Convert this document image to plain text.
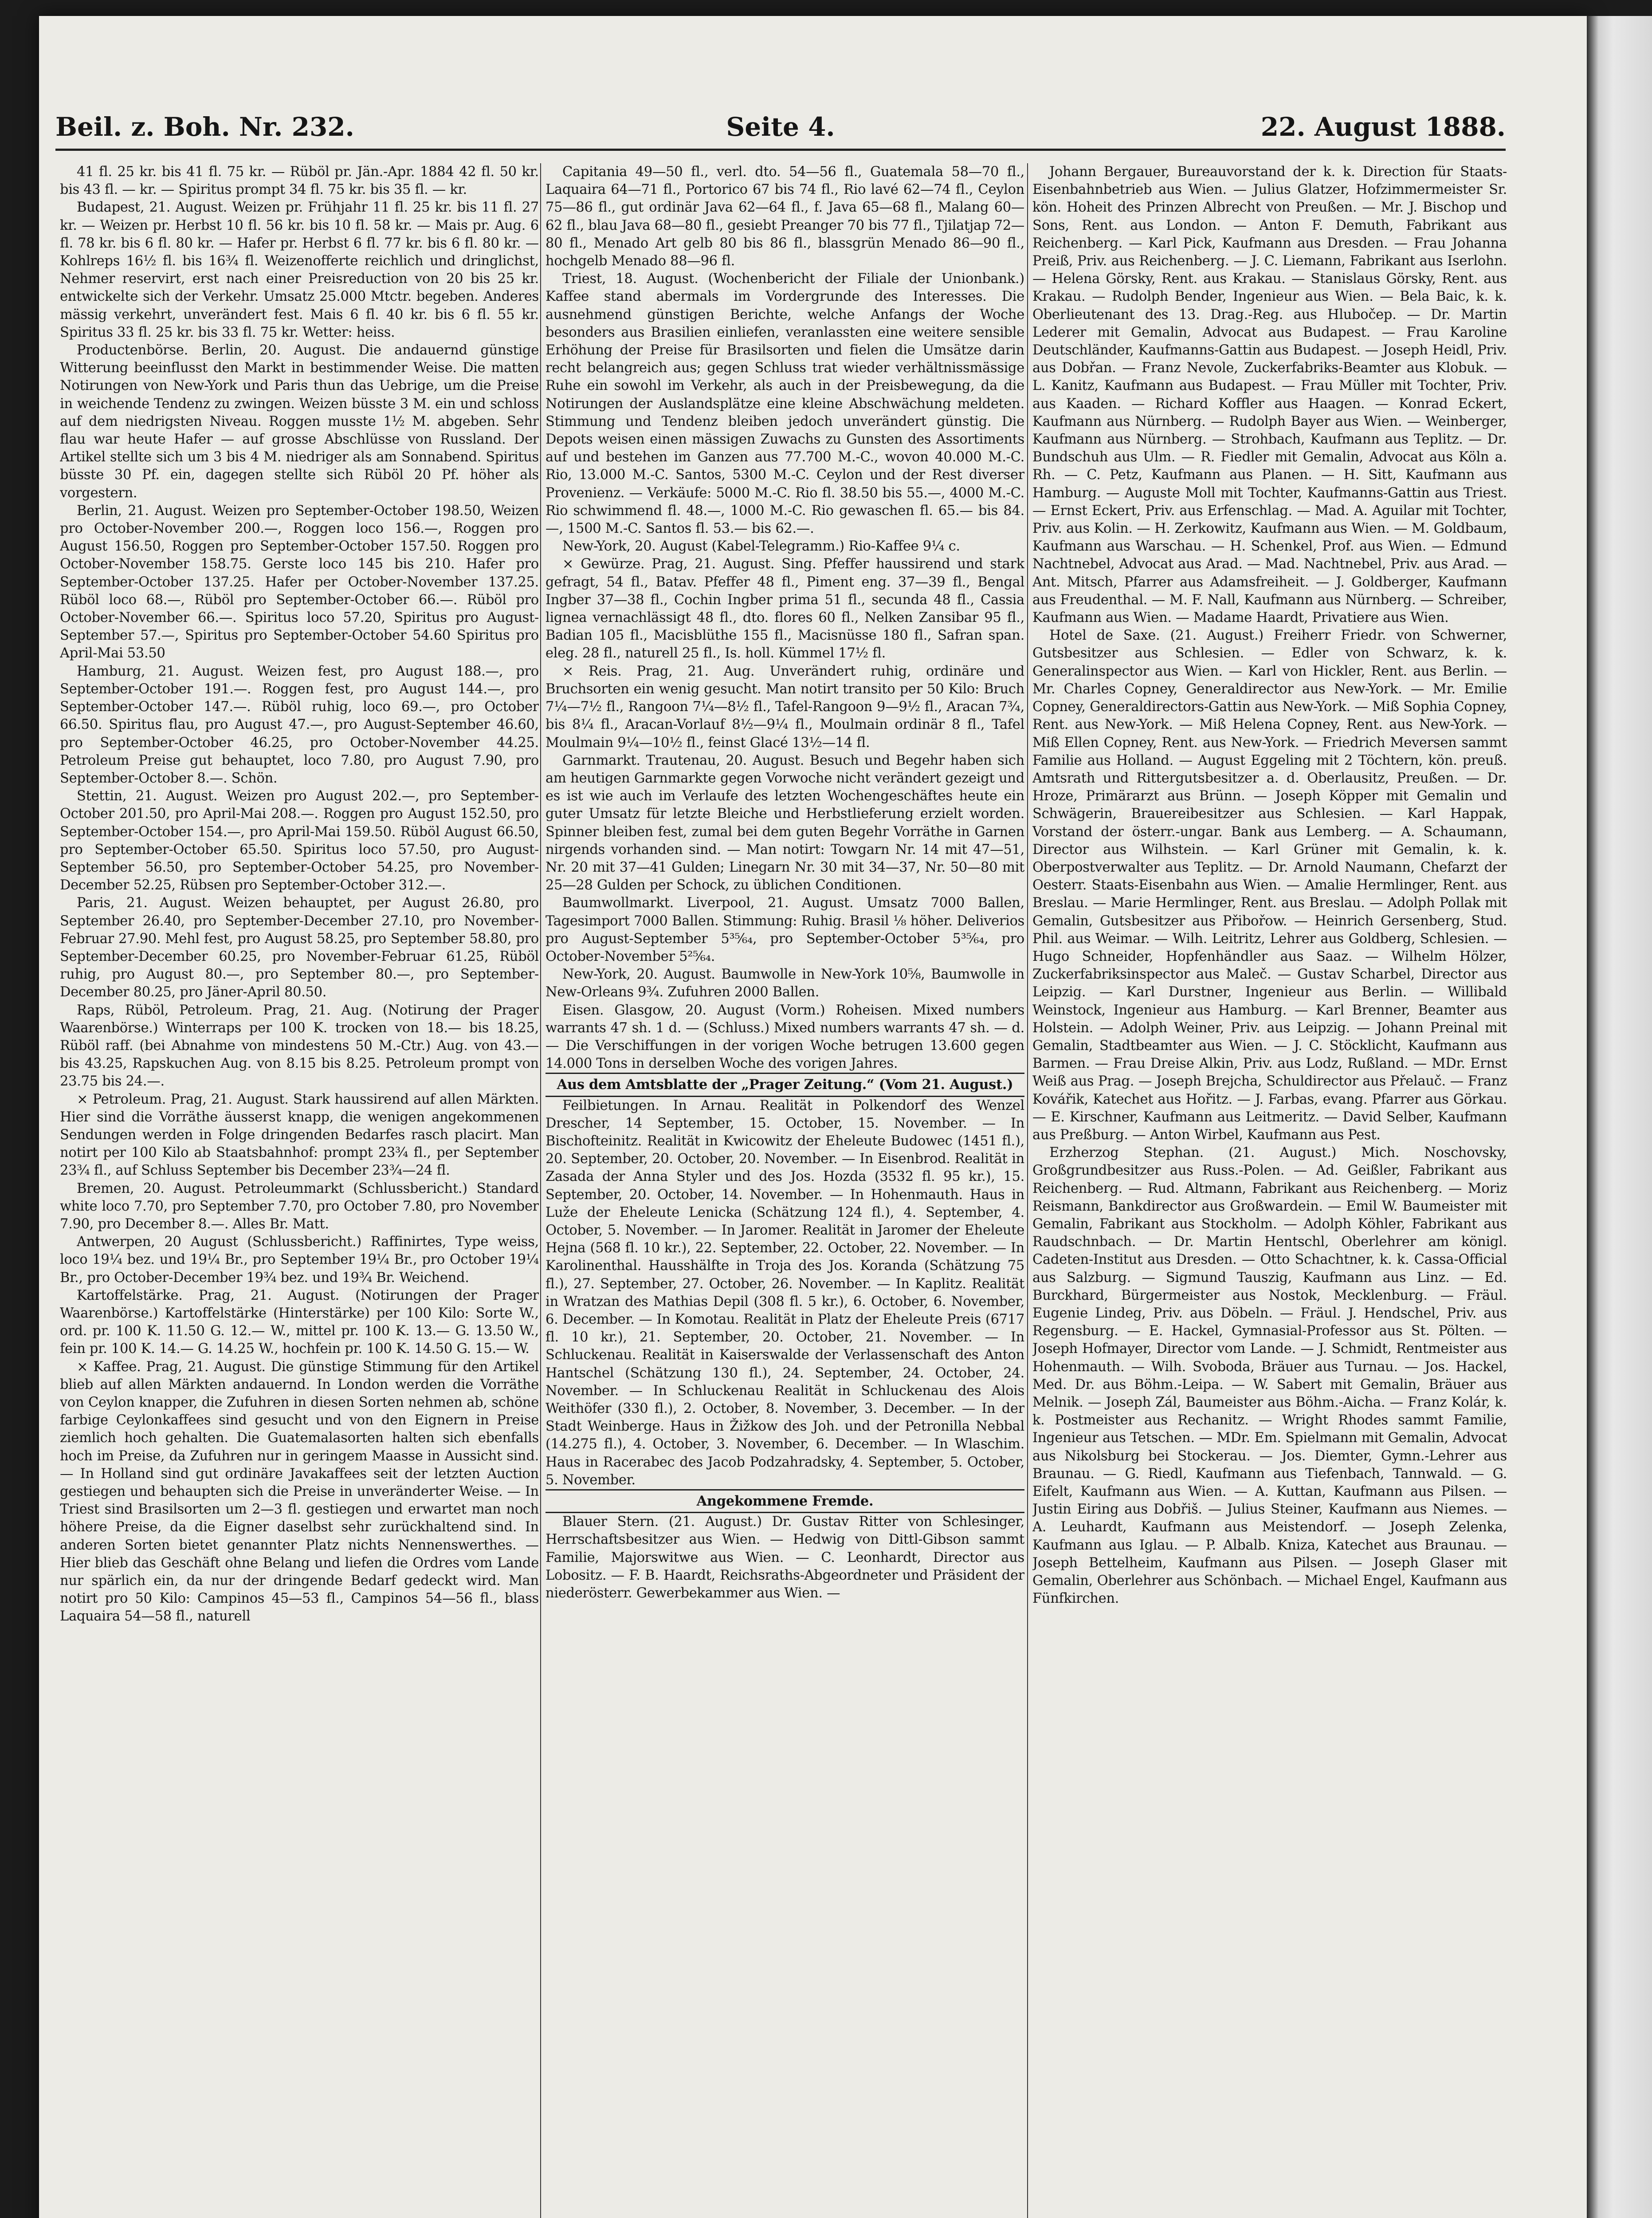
Beil. z. Boh. Nr. 232.	Seite 4.	22. August 1888.

41 fl. 25 kr. bis 41 fl. 75 kr. — Rüböl pr. Jän.-Apr. 1884 42 fl. 50 kr. bis 43 fl. — kr. — Spiritus prompt 34 fl. 75 kr. bis 35 fl. — kr.

Budapest, 21. August. Weizen pr. Frühjahr 11 fl. 25 kr. bis 11 fl. 27 kr. — Weizen pr. Herbst 10 fl. 56 kr. bis 10 fl. 58 kr. — Mais pr. Aug. 6 fl. 78 kr. bis 6 fl. 80 kr. — Hafer pr. Herbst 6 fl. 77 kr. bis 6 fl. 80 kr. — Kohlreps 16½ fl. bis 16¾ fl. Weizenofferte reichlich und dringlichst, Nehmer reservirt, erst nach einer Preisreduction von 20 bis 25 kr. entwickelte sich der Verkehr. Umsatz 25.000 Mtctr. begeben. Anderes mässig verkehrt, unverändert fest. Mais 6 fl. 40 kr. bis 6 fl. 55 kr. Spiritus 33 fl. 25 kr. bis 33 fl. 75 kr. Wetter: heiss.

Productenbörse. Berlin, 20. August. Die andauernd günstige Witterung beeinflusst den Markt in bestimmender Weise. Die matten Notirungen von New-York und Paris thun das Uebrige, um die Preise in weichende Tendenz zu zwingen. Weizen büsste 3 M. ein und schloss auf dem niedrigsten Niveau. Roggen musste 1½ M. abgeben. Sehr flau war heute Hafer — auf grosse Abschlüsse von Russland. Der Artikel stellte sich um 3 bis 4 M. niedriger als am Sonnabend. Spiritus büsste 30 Pf. ein, dagegen stellte sich Rüböl 20 Pf. höher als vorgestern.

Berlin, 21. August. Weizen pro September-October 198.50, Weizen pro October-November 200.—, Roggen loco 156.—, Roggen pro August 156.50, Roggen pro September-October 157.50. Roggen pro October-November 158.75. Gerste loco 145 bis 210. Hafer pro September-October 137.25. Hafer per October-November 137.25. Rüböl loco 68.—, Rüböl pro September-October 66.—. Rüböl pro October-November 66.—. Spiritus loco 57.20, Spiritus pro August-September 57.—, Spiritus pro September-October 54.60 Spiritus pro April-Mai 53.50

Hamburg, 21. August. Weizen fest, pro August 188.—, pro September-October 191.—. Roggen fest, pro August 144.—, pro September-October 147.—. Rüböl ruhig, loco 69.—, pro October 66.50. Spiritus flau, pro August 47.—, pro August-September 46.60, pro September-October 46.25, pro October-November 44.25. Petroleum Preise gut behauptet, loco 7.80, pro August 7.90, pro September-October 8.—. Schön.

Stettin, 21. August. Weizen pro August 202.—, pro September-October 201.50, pro April-Mai 208.—. Roggen pro August 152.50, pro September-October 154.—, pro April-Mai 159.50. Rüböl August 66.50, pro September-October 65.50. Spiritus loco 57.50, pro August-September 56.50, pro September-October 54.25, pro November-December 52.25, Rübsen pro September-October 312.—.

Paris, 21. August. Weizen behauptet, per August 26.80, pro September 26.40, pro September-December 27.10, pro November-Februar 27.90. Mehl fest, pro August 58.25, pro September 58.80, pro September-December 60.25, pro November-Februar 61.25, Rüböl ruhig, pro August 80.—, pro September 80.—, pro September-December 80.25, pro Jäner-April 80.50.

Raps, Rüböl, Petroleum. Prag, 21. Aug. (Notirung der Prager Waarenbörse.) Winterraps per 100 K. trocken von 18.— bis 18.25, Rüböl raff. (bei Abnahme von mindestens 50 M.-Ctr.) Aug. von 43.— bis 43.25, Rapskuchen Aug. von 8.15 bis 8.25. Petroleum prompt von 23.75 bis 24.—.

× Petroleum. Prag, 21. August. Stark haussirend auf allen Märkten. Hier sind die Vorräthe äusserst knapp, die wenigen angekommenen Sendungen werden in Folge dringenden Bedarfes rasch placirt. Man notirt per 100 Kilo ab Staatsbahnhof: prompt 23¾ fl., per September 23¾ fl., auf Schluss September bis December 23¾—24 fl.

Bremen, 20. August. Petroleummarkt (Schlussbericht.) Standard white loco 7.70, pro September 7.70, pro October 7.80, pro November 7.90, pro December 8.—. Alles Br. Matt.

Antwerpen, 20 August (Schlussbericht.) Raffinirtes, Type weiss, loco 19¼ bez. und 19¼ Br., pro September 19¼ Br., pro October 19¼ Br., pro October-December 19¾ bez. und 19¾ Br. Weichend.

Kartoffelstärke. Prag, 21. August. (Notirungen der Prager Waarenbörse.) Kartoffelstärke (Hinterstärke) per 100 Kilo: Sorte W., ord. pr. 100 K. 11.50 G. 12.— W., mittel pr. 100 K. 13.— G. 13.50 W., fein pr. 100 K. 14.— G. 14.25 W., hochfein pr. 100 K. 14.50 G. 15.— W.

× Kaffee. Prag, 21. August. Die günstige Stimmung für den Artikel blieb auf allen Märkten andauernd. In London werden die Vorräthe von Ceylon knapper, die Zufuhren in diesen Sorten nehmen ab, schöne farbige Ceylonkaffees sind gesucht und von den Eignern in Preise ziemlich hoch gehalten. Die Guatemalasorten halten sich ebenfalls hoch im Preise, da Zufuhren nur in geringem Maasse in Aussicht sind. — In Holland sind gut ordinäre Javakaffees seit der letzten Auction gestiegen und behaupten sich die Preise in unveränderter Weise. — In Triest sind Brasilsorten um 2—3 fl. gestiegen und erwartet man noch höhere Preise, da die Eigner daselbst sehr zurückhaltend sind. In anderen Sorten bietet genannter Platz nichts Nennenswerthes. — Hier blieb das Geschäft ohne Belang und liefen die Ordres vom Lande nur spärlich ein, da nur der dringende Bedarf gedeckt wird. Man notirt pro 50 Kilo: Campinos 45—53 fl., Campinos 54—56 fl., blass Laquaira 54—58 fl., naturell

Capitania 49—50 fl., verl. dto. 54—56 fl., Guatemala 58—70 fl., Laquaira 64—71 fl., Portorico 67 bis 74 fl., Rio lavé 62—74 fl., Ceylon 75—86 fl., gut ordinär Java 62—64 fl., f. Java 65—68 fl., Malang 60—62 fl., blau Java 68—80 fl., gesiebt Preanger 70 bis 77 fl., Tjilatjap 72—80 fl., Menado Art gelb 80 bis 86 fl., blassgrün Menado 86—90 fl., hochgelb Menado 88—96 fl.

Triest, 18. August. (Wochenbericht der Filiale der Unionbank.) Kaffee stand abermals im Vordergrunde des Interesses. Die ausnehmend günstigen Berichte, welche Anfangs der Woche besonders aus Brasilien einliefen, veranlassten eine weitere sensible Erhöhung der Preise für Brasilsorten und fielen die Umsätze darin recht belangreich aus; gegen Schluss trat wieder verhältnissmässige Ruhe ein sowohl im Verkehr, als auch in der Preisbewegung, da die Notirungen der Auslandsplätze eine kleine Abschwächung meldeten. Stimmung und Tendenz bleiben jedoch unverändert günstig. Die Depots weisen einen mässigen Zuwachs zu Gunsten des Assortiments auf und bestehen im Ganzen aus 77.700 M.-C., wovon 40.000 M.-C. Rio, 13.000 M.-C. Santos, 5300 M.-C. Ceylon und der Rest diverser Provenienz. — Verkäufe: 5000 M.-C. Rio fl. 38.50 bis 55.—, 4000 M.-C. Rio schwimmend fl. 48.—, 1000 M.-C. Rio gewaschen fl. 65.— bis 84.—, 1500 M.-C. Santos fl. 53.— bis 62.—.

New-York, 20. August (Kabel-Telegramm.) Rio-Kaffee 9¼ c.

× Gewürze. Prag, 21. August. Sing. Pfeffer haussirend und stark gefragt, 54 fl., Batav. Pfeffer 48 fl., Piment eng. 37—39 fl., Bengal Ingber 37—38 fl., Cochin Ingber prima 51 fl., secunda 48 fl., Cassia lignea vernachlässigt 48 fl., dto. flores 60 fl., Nelken Zansibar 95 fl., Badian 105 fl., Macisblüthe 155 fl., Macisnüsse 180 fl., Safran span. eleg. 28 fl., naturell 25 fl., Is. holl. Kümmel 17½ fl.

× Reis. Prag, 21. Aug. Unverändert ruhig, ordinäre und Bruchsorten ein wenig gesucht. Man notirt transito per 50 Kilo: Bruch 7¼—7½ fl., Rangoon 7¼—8½ fl., Tafel-Rangoon 9—9½ fl., Aracan 7¾, bis 8¼ fl., Aracan-Vorlauf 8½—9¼ fl., Moulmain ordinär 8 fl., Tafel Moulmain 9¼—10½ fl., feinst Glacé 13½—14 fl.

Garnmarkt. Trautenau, 20. August. Besuch und Begehr haben sich am heutigen Garnmarkte gegen Vorwoche nicht verändert gezeigt und es ist wie auch im Verlaufe des letzten Wochengeschäftes heute ein guter Umsatz für letzte Bleiche und Herbstlieferung erzielt worden. Spinner bleiben fest, zumal bei dem guten Begehr Vorräthe in Garnen nirgends vorhanden sind. — Man notirt: Towgarn Nr. 14 mit 47—51, Nr. 20 mit 37—41 Gulden; Linegarn Nr. 30 mit 34—37, Nr. 50—80 mit 25—28 Gulden per Schock, zu üblichen Conditionen.

Baumwollmarkt. Liverpool, 21. August. Umsatz 7000 Ballen, Tagesimport 7000 Ballen. Stimmung: Ruhig. Brasil ⅛ höher. Deliverios pro August-September 5³⁵⁄₆₄, pro September-October 5³⁵⁄₆₄, pro October-November 5²⁵⁄₆₄.

New-York, 20. August. Baumwolle in New-York 10⅝, Baumwolle in New-Orleans 9¾. Zufuhren 2000 Ballen.

Eisen. Glasgow, 20. August (Vorm.) Roheisen. Mixed numbers warrants 47 sh. 1 d. — (Schluss.) Mixed numbers warrants 47 sh. — d. — Die Verschiffungen in der vorigen Woche betrugen 13.600 gegen 14.000 Tons in derselben Woche des vorigen Jahres.

Aus dem Amtsblatte der „Prager Zeitung.“ (Vom 21. August.)

Feilbietungen. In Arnau. Realität in Polkendorf des Wenzel Drescher, 14 September, 15. October, 15. November. — In Bischofteinitz. Realität in Kwicowitz der Eheleute Budowec (1451 fl.), 20. September, 20. October, 20. November. — In Eisenbrod. Realität in Zasada der Anna Styler und des Jos. Hozda (3532 fl. 95 kr.), 15. September, 20. October, 14. November. — In Hohenmauth. Haus in Luže der Eheleute Lenicka (Schätzung 124 fl.), 4. September, 4. October, 5. November. — In Jaromer. Realität in Jaromer der Eheleute Hejna (568 fl. 10 kr.), 22. September, 22. October, 22. November. — In Karolinenthal. Hausshälfte in Troja des Jos. Koranda (Schätzung 75 fl.), 27. September, 27. October, 26. November. — In Kaplitz. Realität in Wratzan des Mathias Depil (308 fl. 5 kr.), 6. October, 6. November, 6. December. — In Komotau. Realität in Platz der Eheleute Preis (6717 fl. 10 kr.), 21. September, 20. October, 21. November. — In Schluckenau. Realität in Kaiserswalde der Verlassenschaft des Anton Hantschel (Schätzung 130 fl.), 24. September, 24. October, 24. November. — In Schluckenau Realität in Schluckenau des Alois Weithöfer (330 fl.), 2. October, 8. November, 3. December. — In der Stadt Weinberge. Haus in Žižkow des Joh. und der Petronilla Nebbal (14.275 fl.), 4. October, 3. November, 6. December. — In Wlaschim. Haus in Racerabec des Jacob Podzahradsky, 4. September, 5. October, 5. November.

Angekommene Fremde.

Blauer Stern. (21. August.) Dr. Gustav Ritter von Schlesinger, Herrschaftsbesitzer aus Wien. — Hedwig von Dittl-Gibson sammt Familie, Majorswitwe aus Wien. — C. Leonhardt, Director aus Lobositz. — F. B. Haardt, Reichsraths-Abgeordneter und Präsident der niederösterr. Gewerbekammer aus Wien. —

Johann Bergauer, Bureauvorstand der k. k. Direction für Staats-Eisenbahnbetrieb aus Wien. — Julius Glatzer, Hofzimmermeister Sr. kön. Hoheit des Prinzen Albrecht von Preußen. — Mr. J. Bischop und Sons, Rent. aus London. — Anton F. Demuth, Fabrikant aus Reichenberg. — Karl Pick, Kaufmann aus Dresden. — Frau Johanna Preiß, Priv. aus Reichenberg. — J. C. Liemann, Fabrikant aus Iserlohn. — Helena Görsky, Rent. aus Krakau. — Stanislaus Görsky, Rent. aus Krakau. — Rudolph Bender, Ingenieur aus Wien. — Bela Baic, k. k. Oberlieutenant des 13. Drag.-Reg. aus Hlubočep. — Dr. Martin Lederer mit Gemalin, Advocat aus Budapest. — Frau Karoline Deutschländer, Kaufmanns-Gattin aus Budapest. — Joseph Heidl, Priv. aus Dobřan. — Franz Nevole, Zuckerfabriks-Beamter aus Klobuk. — L. Kanitz, Kaufmann aus Budapest. — Frau Müller mit Tochter, Priv. aus Kaaden. — Richard Koffler aus Haagen. — Konrad Eckert, Kaufmann aus Nürnberg. — Rudolph Bayer aus Wien. — Weinberger, Kaufmann aus Nürnberg. — Strohbach, Kaufmann aus Teplitz. — Dr. Bundschuh aus Ulm. — R. Fiedler mit Gemalin, Advocat aus Köln a. Rh. — C. Petz, Kaufmann aus Planen. — H. Sitt, Kaufmann aus Hamburg. — Auguste Moll mit Tochter, Kaufmanns-Gattin aus Triest. — Ernst Eckert, Priv. aus Erfenschlag. — Mad. A. Aguilar mit Tochter, Priv. aus Kolin. — H. Zerkowitz, Kaufmann aus Wien. — M. Goldbaum, Kaufmann aus Warschau. — H. Schenkel, Prof. aus Wien. — Edmund Nachtnebel, Advocat aus Arad. — Mad. Nachtnebel, Priv. aus Arad. — Ant. Mitsch, Pfarrer aus Adamsfreiheit. — J. Goldberger, Kaufmann aus Freudenthal. — M. F. Nall, Kaufmann aus Nürnberg. — Schreiber, Kaufmann aus Wien. — Madame Haardt, Privatiere aus Wien.

Hotel de Saxe. (21. August.) Freiherr Friedr. von Schwerner, Gutsbesitzer aus Schlesien. — Edler von Schwarz, k. k. Generalinspector aus Wien. — Karl von Hickler, Rent. aus Berlin. — Mr. Charles Copney, Generaldirector aus New-York. — Mr. Emilie Copney, Generaldirectors-Gattin aus New-York. — Miß Sophia Copney, Rent. aus New-York. — Miß Helena Copney, Rent. aus New-York. — Miß Ellen Copney, Rent. aus New-York. — Friedrich Meversen sammt Familie aus Holland. — August Eggeling mit 2 Töchtern, kön. preuß. Amtsrath und Rittergutsbesitzer a. d. Oberlausitz, Preußen. — Dr. Hroze, Primärarzt aus Brünn. — Joseph Köpper mit Gemalin und Schwägerin, Brauereibesitzer aus Schlesien. — Karl Happak, Vorstand der österr.-ungar. Bank aus Lemberg. — A. Schaumann, Director aus Wilhstein. — Karl Grüner mit Gemalin, k. k. Oberpostverwalter aus Teplitz. — Dr. Arnold Naumann, Chefarzt der Oesterr. Staats-Eisenbahn aus Wien. — Amalie Hermlinger, Rent. aus Breslau. — Marie Hermlinger, Rent. aus Breslau. — Adolph Pollak mit Gemalin, Gutsbesitzer aus Přibořow. — Heinrich Gersenberg, Stud. Phil. aus Weimar. — Wilh. Leitritz, Lehrer aus Goldberg, Schlesien. — Hugo Schneider, Hopfenhändler aus Saaz. — Wilhelm Hölzer, Zuckerfabriksinspector aus Maleč. — Gustav Scharbel, Director aus Leipzig. — Karl Durstner, Ingenieur aus Berlin. — Willibald Weinstock, Ingenieur aus Hamburg. — Karl Brenner, Beamter aus Holstein. — Adolph Weiner, Priv. aus Leipzig. — Johann Preinal mit Gemalin, Stadtbeamter aus Wien. — J. C. Stöcklicht, Kaufmann aus Barmen. — Frau Dreise Alkin, Priv. aus Lodz, Rußland. — MDr. Ernst Weiß aus Prag. — Joseph Brejcha, Schuldirector aus Přelauč. — Franz Kovářik, Katechet aus Hořitz. — J. Farbas, evang. Pfarrer aus Görkau. — E. Kirschner, Kaufmann aus Leitmeritz. — David Selber, Kaufmann aus Preßburg. — Anton Wirbel, Kaufmann aus Pest.

Erzherzog Stephan. (21. August.) Mich. Noschovsky, Großgrundbesitzer aus Russ.-Polen. — Ad. Geißler, Fabrikant aus Reichenberg. — Rud. Altmann, Fabrikant aus Reichenberg. — Moriz Reismann, Bankdirector aus Großwardein. — Emil W. Baumeister mit Gemalin, Fabrikant aus Stockholm. — Adolph Köhler, Fabrikant aus Raudschnbach. — Dr. Martin Hentschl, Oberlehrer am königl. Cadeten-Institut aus Dresden. — Otto Schachtner, k. k. Cassa-Official aus Salzburg. — Sigmund Tauszig, Kaufmann aus Linz. — Ed. Burckhard, Bürgermeister aus Nostok, Mecklenburg. — Fräul. Eugenie Lindeg, Priv. aus Döbeln. — Fräul. J. Hendschel, Priv. aus Regensburg. — E. Hackel, Gymnasial-Professor aus St. Pölten. — Joseph Hofmayer, Director vom Lande. — J. Schmidt, Rentmeister aus Hohenmauth. — Wilh. Svoboda, Bräuer aus Turnau. — Jos. Hackel, Med. Dr. aus Böhm.-Leipa. — W. Sabert mit Gemalin, Bräuer aus Melnik. — Joseph Zál, Baumeister aus Böhm.-Aicha. — Franz Kolár, k. k. Postmeister aus Rechanitz. — Wright Rhodes sammt Familie, Ingenieur aus Tetschen. — MDr. Em. Spielmann mit Gemalin, Advocat aus Nikolsburg bei Stockerau. — Jos. Diemter, Gymn.-Lehrer aus Braunau. — G. Riedl, Kaufmann aus Tiefenbach, Tannwald. — G. Eifelt, Kaufmann aus Wien. — A. Kuttan, Kaufmann aus Pilsen. — Justin Eiring aus Dobřiš. — Julius Steiner, Kaufmann aus Niemes. — A. Leuhardt, Kaufmann aus Meistendorf. — Joseph Zelenka, Kaufmann aus Iglau. — P. Albalb. Kniza, Katechet aus Braunau. — Joseph Bettelheim, Kaufmann aus Pilsen. — Joseph Glaser mit Gemalin, Oberlehrer aus Schönbach. — Michael Engel, Kaufmann aus Fünfkirchen.
